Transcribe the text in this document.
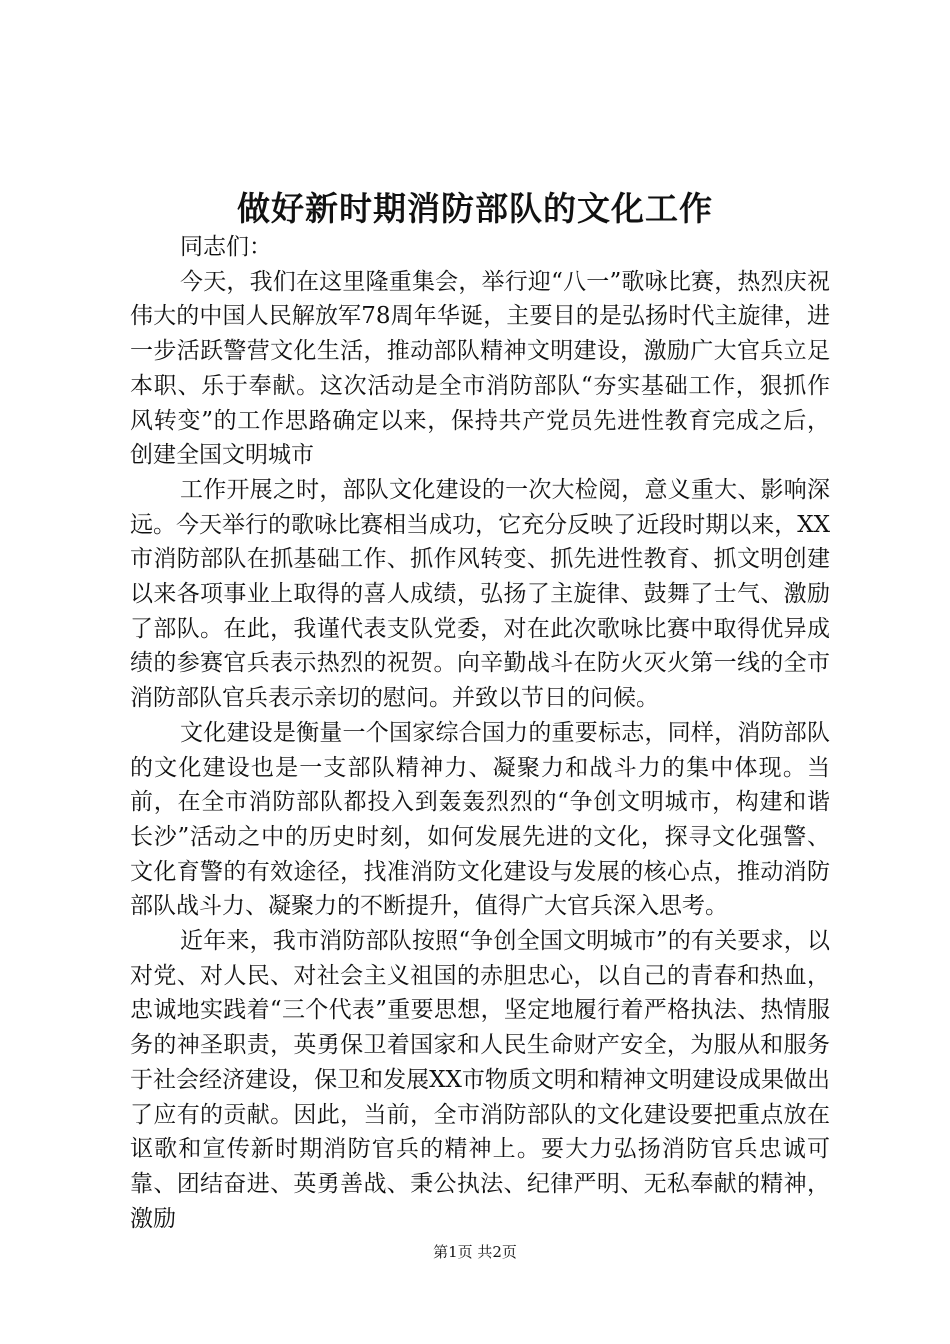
做好新时期消防部队的文化工作

同志们：

今天，我们在这里隆重集会，举行迎“八一”歌咏比赛，热烈庆祝伟大的中国人民解放军78周年华诞，主要目的是弘扬时代主旋律，进一步活跃警营文化生活，推动部队精神文明建设，激励广大官兵立足本职、乐于奉献。这次活动是全市消防部队“夯实基础工作，狠抓作风转变”的工作思路确定以来，保持共产党员先进性教育完成之后，创建全国文明城市

工作开展之时，部队文化建设的一次大检阅，意义重大、影响深远。今天举行的歌咏比赛相当成功，它充分反映了近段时期以来，XX市消防部队在抓基础工作、抓作风转变、抓先进性教育、抓文明创建以来各项事业上取得的喜人成绩，弘扬了主旋律、鼓舞了士气、激励了部队。在此，我谨代表支队党委，对在此次歌咏比赛中取得优异成绩的参赛官兵表示热烈的祝贺。向辛勤战斗在防火灭火第一线的全市消防部队官兵表示亲切的慰问。并致以节日的问候。

文化建设是衡量一个国家综合国力的重要标志，同样，消防部队的文化建设也是一支部队精神力、凝聚力和战斗力的集中体现。当前，在全市消防部队都投入到轰轰烈烈的“争创文明城市，构建和谐长沙”活动之中的历史时刻，如何发展先进的文化，探寻文化强警、文化育警的有效途径，找准消防文化建设与发展的核心点，推动消防部队战斗力、凝聚力的不断提升，值得广大官兵深入思考。

近年来，我市消防部队按照“争创全国文明城市”的有关要求，以对党、对人民、对社会主义祖国的赤胆忠心，以自己的青春和热血，忠诚地实践着“三个代表”重要思想，坚定地履行着严格执法、热情服务的神圣职责，英勇保卫着国家和人民生命财产安全，为服从和服务于社会经济建设，保卫和发展XX市物质文明和精神文明建设成果做出了应有的贡献。因此，当前，全市消防部队的文化建设要把重点放在讴歌和宣传新时期消防官兵的精神上。要大力弘扬消防官兵忠诚可靠、团结奋进、英勇善战、秉公执法、纪律严明、无私奉献的精神，激励

第1页 共2页
